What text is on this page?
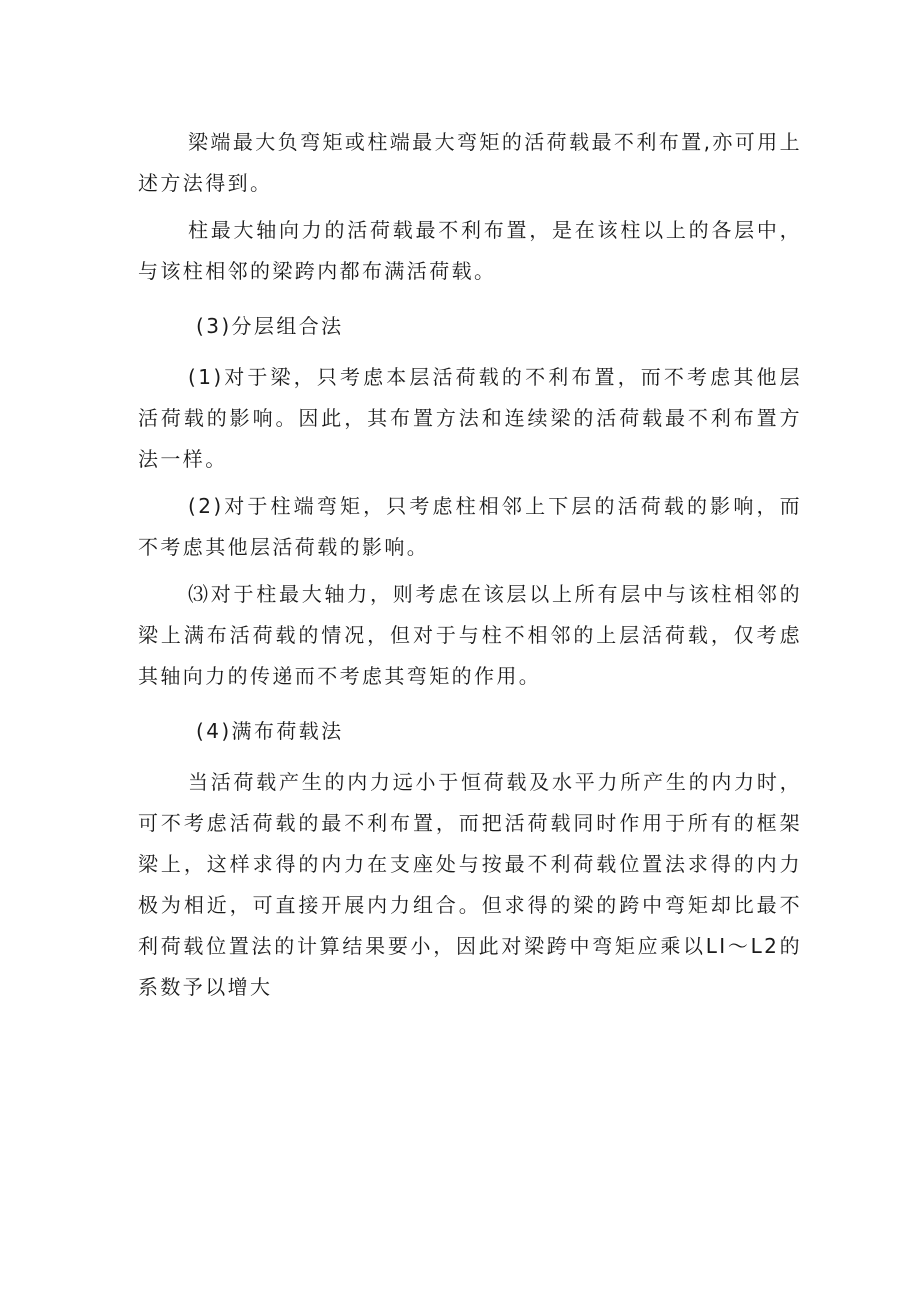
梁端最大负弯矩或柱端最大弯矩的活荷载最不利布置,亦可用上述方法得到。

柱最大轴向力的活荷载最不利布置，是在该柱以上的各层中，与该柱相邻的梁跨内都布满活荷载。

(3)分层组合法

(1)对于梁，只考虑本层活荷载的不利布置，而不考虑其他层活荷载的影响。因此，其布置方法和连续梁的活荷载最不利布置方法一样。

(2)对于柱端弯矩，只考虑柱相邻上下层的活荷载的影响，而不考虑其他层活荷载的影响。

⑶对于柱最大轴力，则考虑在该层以上所有层中与该柱相邻的梁上满布活荷载的情况，但对于与柱不相邻的上层活荷载，仅考虑其轴向力的传递而不考虑其弯矩的作用。

(4)满布荷载法

当活荷载产生的内力远小于恒荷载及水平力所产生的内力时，可不考虑活荷载的最不利布置，而把活荷载同时作用于所有的框架梁上，这样求得的内力在支座处与按最不利荷载位置法求得的内力极为相近，可直接开展内力组合。但求得的梁的跨中弯矩却比最不利荷载位置法的计算结果要小，因此对梁跨中弯矩应乘以LI～L2的系数予以增大
